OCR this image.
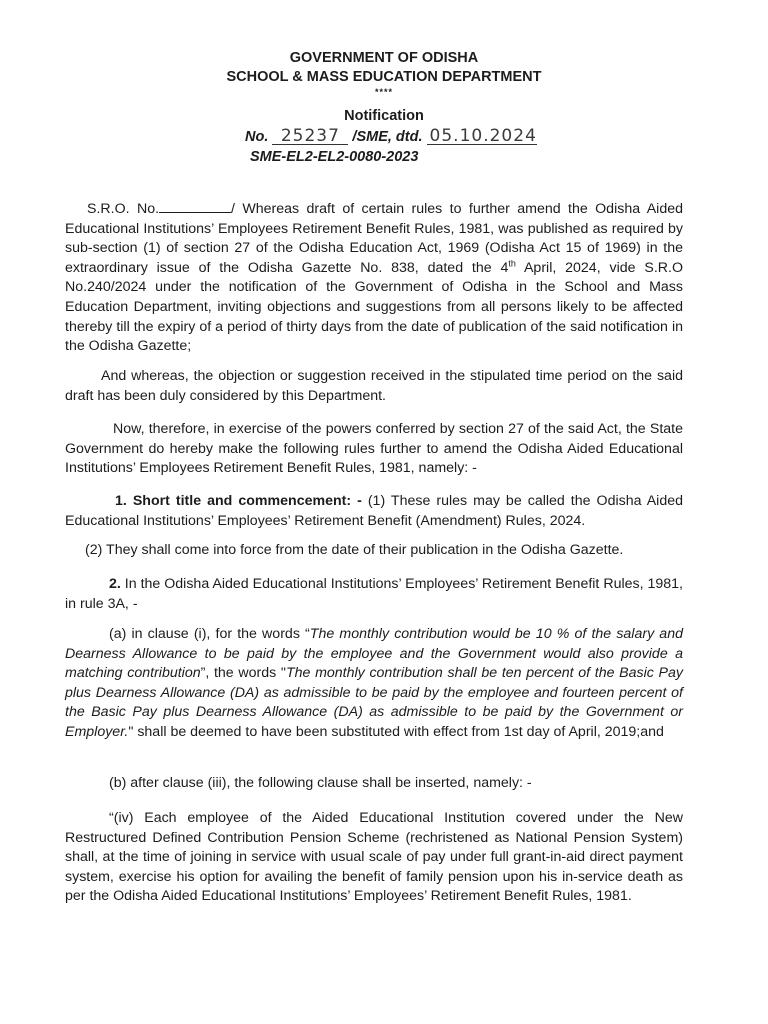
GOVERNMENT OF ODISHA
SCHOOL & MASS EDUCATION DEPARTMENT
****
Notification
No. 25237 /SME, dtd. 05.10.2024
SME-EL2-EL2-0080-2023
S.R.O. No.	/ Whereas draft of certain rules to further amend the Odisha Aided Educational Institutions’ Employees Retirement Benefit Rules, 1981, was published as required by sub-section (1) of section 27 of the Odisha Education Act, 1969 (Odisha Act 15 of 1969) in the extraordinary issue of the Odisha Gazette No. 838, dated the 4th April, 2024, vide S.R.O No.240/2024 under the notification of the Government of Odisha in the School and Mass Education Department, inviting objections and suggestions from all persons likely to be affected thereby till the expiry of a period of thirty days from the date of publication of the said notification in the Odisha Gazette;
And whereas, the objection or suggestion received in the stipulated time period on the said draft has been duly considered by this Department.
Now, therefore, in exercise of the powers conferred by section 27 of the said Act, the State Government do hereby make the following rules further to amend the Odisha Aided Educational Institutions’ Employees Retirement Benefit Rules, 1981, namely: -
1. Short title and commencement: - (1) These rules may be called the Odisha Aided Educational Institutions’ Employees’ Retirement Benefit (Amendment) Rules, 2024.
(2) They shall come into force from the date of their publication in the Odisha Gazette.
2. In the Odisha Aided Educational Institutions’ Employees’ Retirement Benefit Rules, 1981, in rule 3A, -
(a) in clause (i), for the words “The monthly contribution would be 10 % of the salary and Dearness Allowance to be paid by the employee and the Government would also provide a matching contribution”, the words "The monthly contribution shall be ten percent of the Basic Pay plus Dearness Allowance (DA) as admissible to be paid by the employee and fourteen percent of the Basic Pay plus Dearness Allowance (DA) as admissible to be paid by the Government or Employer." shall be deemed to have been substituted with effect from 1st day of April, 2019;and
(b) after clause (iii), the following clause shall be inserted, namely: -
“(iv) Each employee of the Aided Educational Institution covered under the New Restructured Defined Contribution Pension Scheme (rechristened as National Pension System) shall, at the time of joining in service with usual scale of pay under full grant-in-aid direct payment system, exercise his option for availing the benefit of family pension upon his in-service death as per the Odisha Aided Educational Institutions’ Employees’ Retirement Benefit Rules, 1981.
